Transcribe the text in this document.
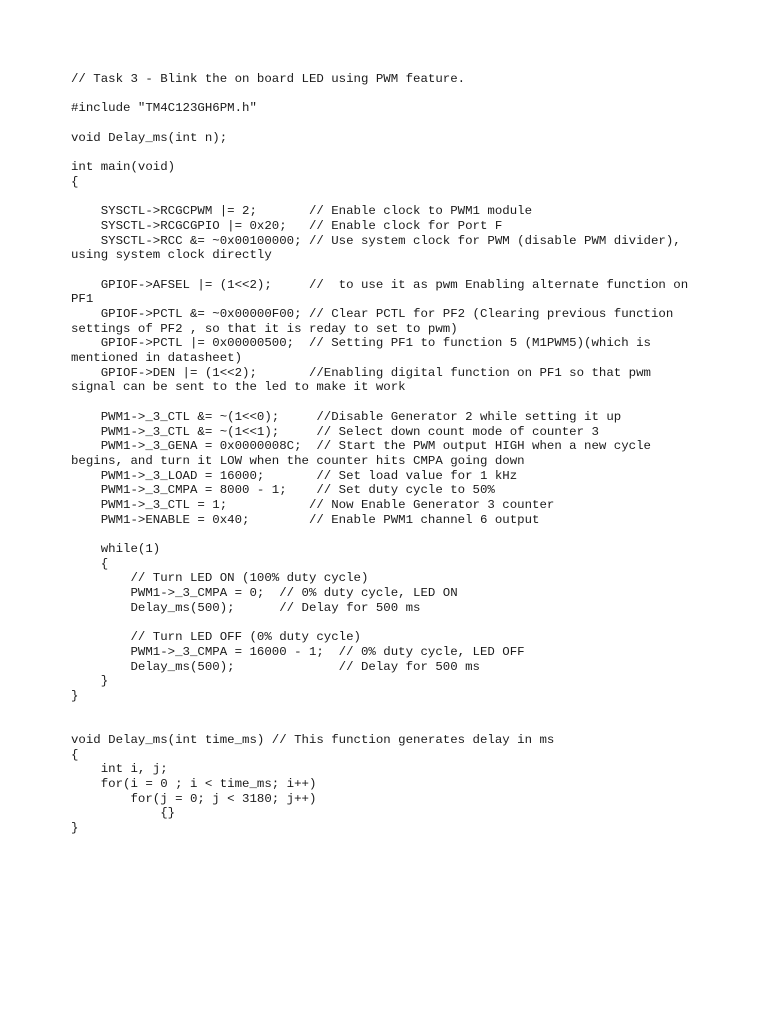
// Task 3 - Blink the on board LED using PWM feature.
#include "TM4C123GH6PM.h"
void Delay_ms(int n);
int main(void)
{
SYSCTL->RCGCPWM |= 2;       // Enable clock to PWM1 module
SYSCTL->RCGCGPIO |= 0x20;   // Enable clock for Port F
SYSCTL->RCC &= ~0x00100000; // Use system clock for PWM (disable PWM divider),
using system clock directly
GPIOF->AFSEL |= (1<<2);     //  to use it as pwm Enabling alternate function on
PF1
GPIOF->PCTL &= ~0x00000F00; // Clear PCTL for PF2 (Clearing previous function
settings of PF2 , so that it is reday to set to pwm)
GPIOF->PCTL |= 0x00000500;  // Setting PF1 to function 5 (M1PWM5)(which is
mentioned in datasheet)
GPIOF->DEN |= (1<<2);       //Enabling digital function on PF1 so that pwm
signal can be sent to the led to make it work
PWM1->_3_CTL &= ~(1<<0);     //Disable Generator 2 while setting it up
PWM1->_3_CTL &= ~(1<<1);     // Select down count mode of counter 3
PWM1->_3_GENA = 0x0000008C;  // Start the PWM output HIGH when a new cycle
begins, and turn it LOW when the counter hits CMPA going down
PWM1->_3_LOAD = 16000;       // Set load value for 1 kHz
PWM1->_3_CMPA = 8000 - 1;    // Set duty cycle to 50%
PWM1->_3_CTL = 1;           // Now Enable Generator 3 counter
PWM1->ENABLE = 0x40;        // Enable PWM1 channel 6 output
while(1)
{
// Turn LED ON (100% duty cycle)
PWM1->_3_CMPA = 0;  // 0% duty cycle, LED ON
Delay_ms(500);      // Delay for 500 ms
// Turn LED OFF (0% duty cycle)
PWM1->_3_CMPA = 16000 - 1;  // 0% duty cycle, LED OFF
Delay_ms(500);              // Delay for 500 ms
}
}
void Delay_ms(int time_ms) // This function generates delay in ms
{
int i, j;
for(i = 0 ; i < time_ms; i++)
for(j = 0; j < 3180; j++)
{}
}
